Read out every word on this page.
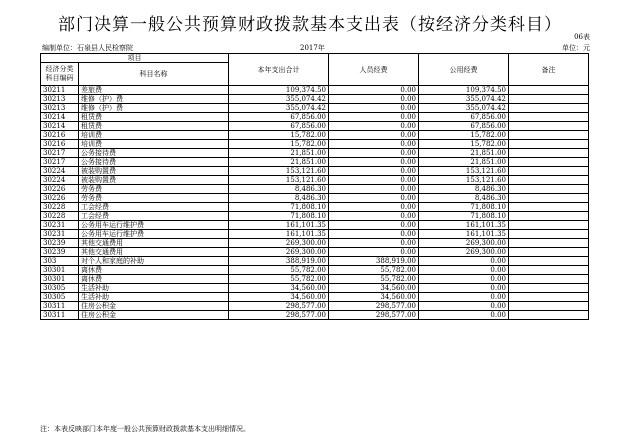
部门决算一般公共预算财政拨款基本支出表（按经济分类科目）
06表
编制单位：石泉县人民检察院	2017年	单位：元
项目		本年支出合计	人员经费	公用经费	备注
经济分类科目编码	科目名称				
30211	差旅费	109,374.50	0.00	109,374.50	
30213	维修（护）费	355,074.42	0.00	355,074.42	
30213	维修（护）费	355,074.42	0.00	355,074.42	
30214	租赁费	67,856.00	0.00	67,856.00	
30214	租赁费	67,856.00	0.00	67,856.00	
30216	培训费	15,782.00	0.00	15,782.00	
30216	培训费	15,782.00	0.00	15,782.00	
30217	公务接待费	21,851.00	0.00	21,851.00	
30217	公务接待费	21,851.00	0.00	21,851.00	
30224	被装购置费	153,121.60	0.00	153,121.60	
30224	被装购置费	153,121.60	0.00	153,121.60	
30226	劳务费	8,486.30	0.00	8,486.30	
30226	劳务费	8,486.30	0.00	8,486.30	
30228	工会经费	71,808.10	0.00	71,808.10	
30228	工会经费	71,808.10	0.00	71,808.10	
30231	公务用车运行维护费	161,101.35	0.00	161,101.35	
30231	公务用车运行维护费	161,101.35	0.00	161,101.35	
30239	其他交通费用	269,300.00	0.00	269,300.00	
30239	其他交通费用	269,300.00	0.00	269,300.00	
303	对个人和家庭的补助	388,919.00	388,919.00	0.00	
30301	离休费	55,782.00	55,782.00	0.00	
30301	离休费	55,782.00	55,782.00	0.00	
30305	生活补助	34,560.00	34,560.00	0.00	
30305	生活补助	34,560.00	34,560.00	0.00	
30311	住房公积金	298,577.00	298,577.00	0.00	
30311	住房公积金	298,577.00	298,577.00	0.00	
注：本表反映部门本年度一般公共预算财政拨款基本支出明细情况。
